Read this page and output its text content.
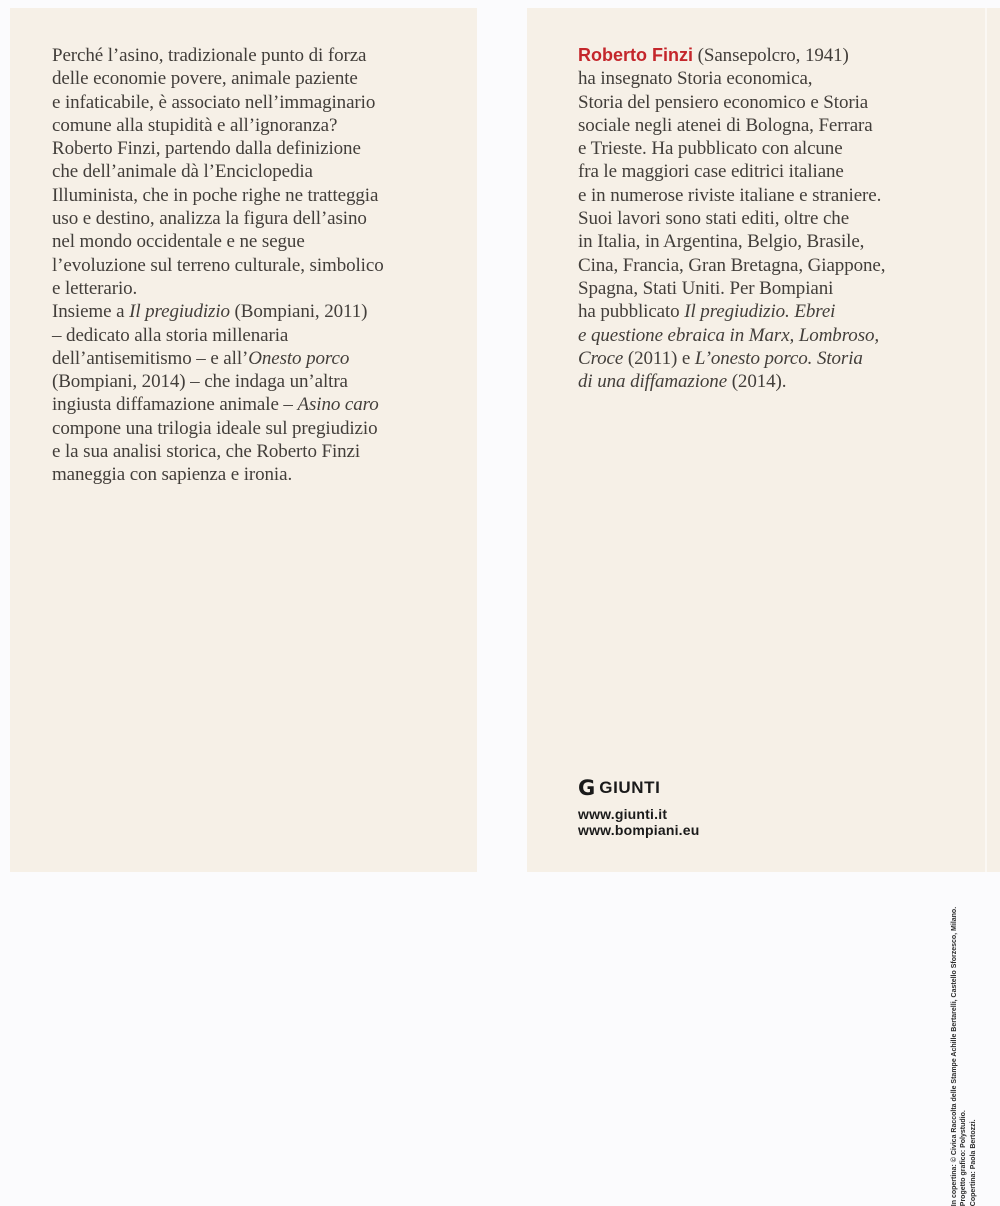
Perché l’asino, tradizionale punto di forza
delle economie povere, animale paziente
e infaticabile, è associato nell’immaginario
comune alla stupidità e all’ignoranza?
Roberto Finzi, partendo dalla definizione
che dell’animale dà l’Enciclopedia
Illuminista, che in poche righe ne tratteggia
uso e destino, analizza la figura dell’asino
nel mondo occidentale e ne segue
l’evoluzione sul terreno culturale, simbolico
e letterario.
Insieme a Il pregiudizio (Bompiani, 2011)
– dedicato alla storia millenaria
dell’antisemitismo – e all’Onesto porco
(Bompiani, 2014) – che indaga un’altra
ingiusta diffamazione animale – Asino caro
compone una trilogia ideale sul pregiudizio
e la sua analisi storica, che Roberto Finzi
maneggia con sapienza e ironia.
Roberto Finzi (Sansepolcro, 1941)
ha insegnato Storia economica,
Storia del pensiero economico e Storia
sociale negli atenei di Bologna, Ferrara
e Trieste. Ha pubblicato con alcune
fra le maggiori case editrici italiane
e in numerose riviste italiane e straniere.
Suoi lavori sono stati editi, oltre che
in Italia, in Argentina, Belgio, Brasile,
Cina, Francia, Gran Bretagna, Giappone,
Spagna, Stati Uniti. Per Bompiani
ha pubblicato Il pregiudizio. Ebrei
e questione ebraica in Marx, Lombroso,
Croce (2011) e L’onesto porco. Storia
di una diffamazione (2014).
G GIUNTI
www.giunti.it
www.bompiani.eu
In copertina: © Civica Raccolta delle Stampe Achille Bertarelli, Castello Sforzesco, Milano. Progetto grafico: Polystudio. Copertina: Paola Bertozzi.
